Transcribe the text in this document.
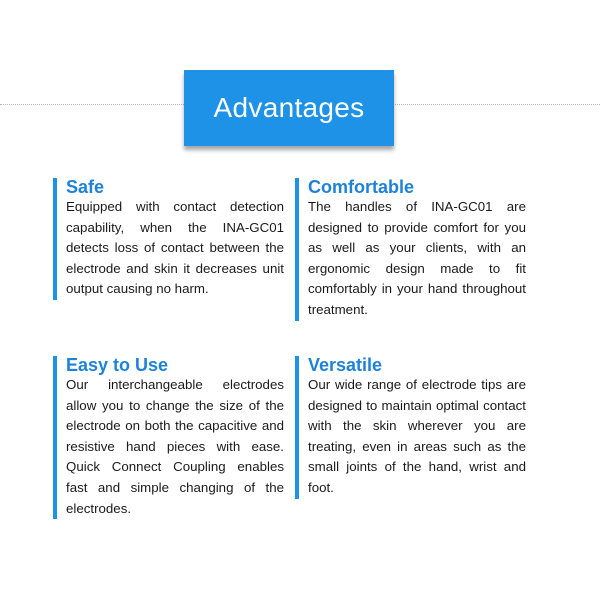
Advantages
Safe

Equipped with contact detection capability, when the INA-GC01 detects loss of contact between the electrode and skin it decreases unit output causing no harm.

Comfortable

The handles of INA-GC01 are designed to provide comfort for you as well as your clients, with an ergonomic design made to fit comfortably in your hand throughout treatment.

Easy to Use

Our interchangeable electrodes allow you to change the size of the electrode on both the capacitive and resistive hand pieces with ease. Quick Connect Coupling enables fast and simple changing of the electrodes.

Versatile

Our wide range of electrode tips are designed to maintain optimal contact with the skin wherever you are treating, even in areas such as the small joints of the hand, wrist and foot.
